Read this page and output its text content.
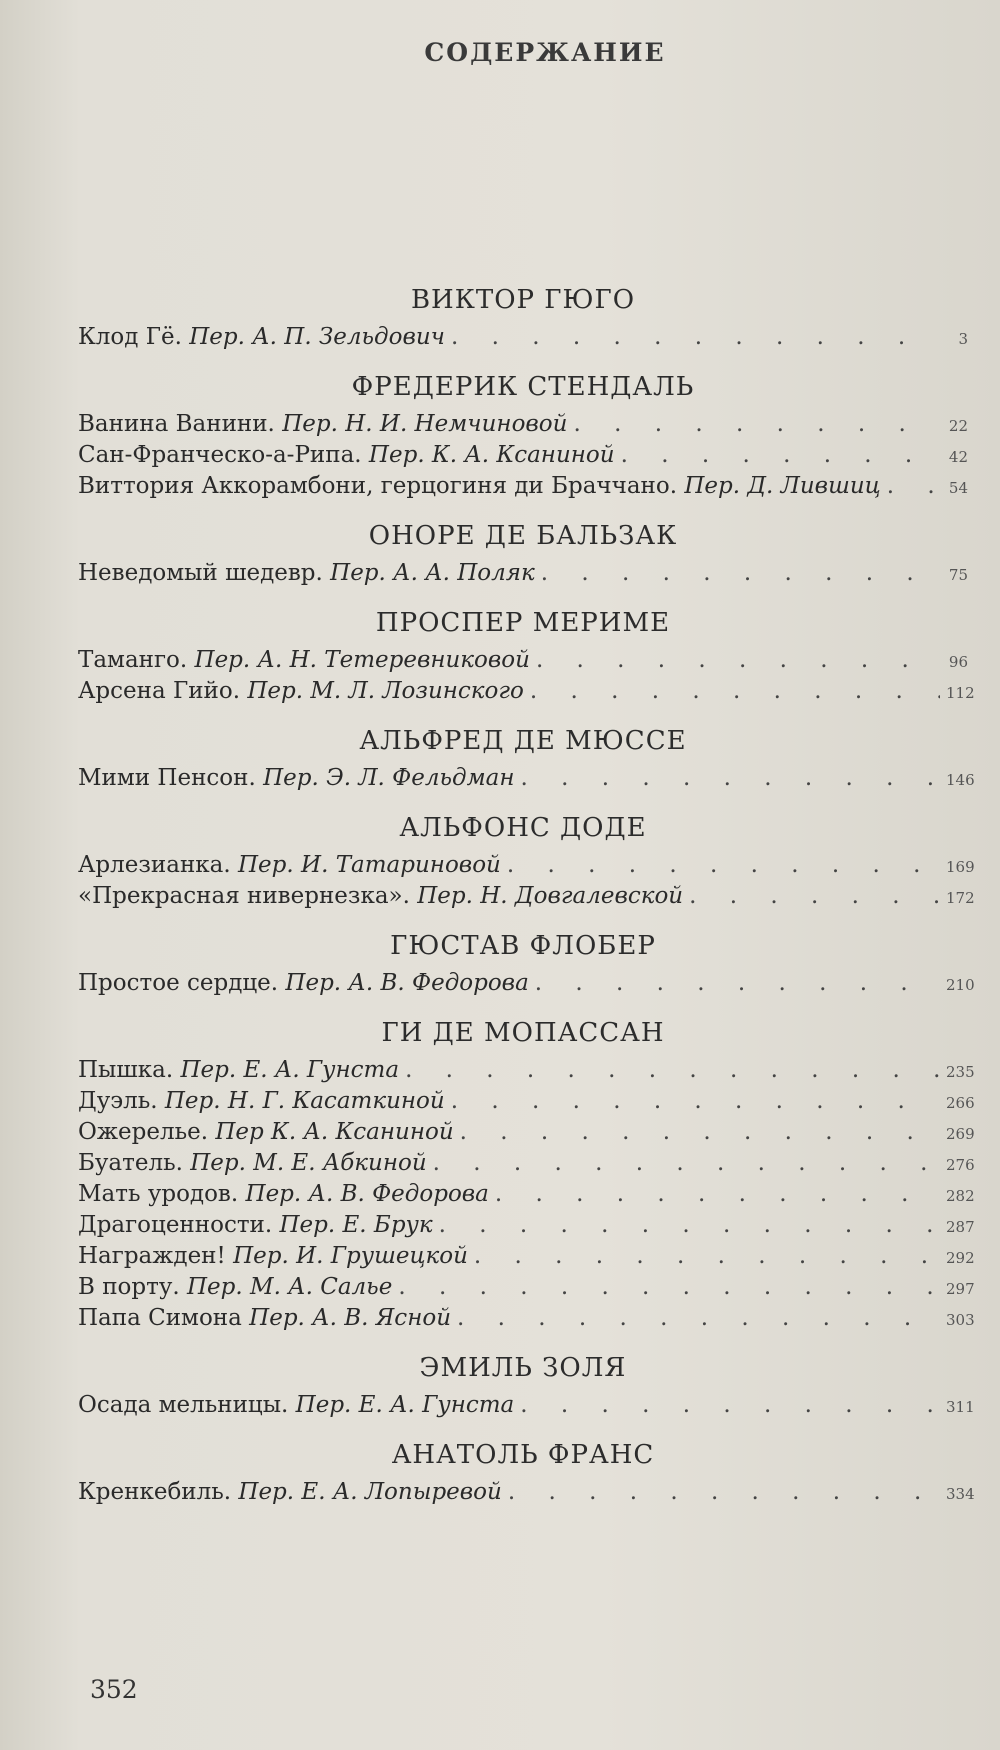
СОДЕРЖАНИЕ
ВИКТОР ГЮГО
Клод Гё. Пер. А. П. Зельдович . . .	3
ФРЕДЕРИК СТЕНДАЛЬ
Ванина Ванини. Пер. Н. И. Немчиновой . . .	22
Сан-Франческо-а-Рипа. Пер. К. А. Ксаниной . . .	42
Виттория Аккорамбони, герцогиня ди Браччано. Пер. Д. Лившиц . . .	54
ОНОРЕ ДЕ БАЛЬЗАК
Неведомый шедевр. Пер. А. А. Поляк . . .	75
ПРОСПЕР МЕРИМЕ
Таманго. Пер. А. Н. Тетеревниковой . . .	96
Арсена Гийо. Пер. М. Л. Лозинского . . .	112
АЛЬФРЕД ДЕ МЮССЕ
Мими Пенсон. Пер. Э. Л. Фельдман . . .	146
АЛЬФОНС ДОДЕ
Арлезианка. Пер. И. Татариновой . . .	169
«Прекрасная нивернезка». Пер. Н. Довгалевской . . .	172
ГЮСТАВ ФЛОБЕР
Простое сердце. Пер. А. В. Федорова . . .	210
ГИ ДЕ МОПАССАН
Пышка. Пер. Е. А. Гунста . . .	235
Дуэль. Пер. Н. Г. Касаткиной . . .	266
Ожерелье. Пер К. А. Ксаниной . . .	269
Буатель. Пер. М. Е. Абкиной . . .	276
Мать уродов. Пер. А. В. Федорова . . .	282
Драгоценности. Пер. Е. Брук . . .	287
Награжден! Пер. И. Грушецкой . . .	292
В порту. Пер. М. А. Салье . . .	297
Папа Симона Пер. А. В. Ясной . . .	303
ЭМИЛЬ ЗОЛЯ
Осада мельницы. Пер. Е. А. Гунста . . .	311
АНАТОЛЬ ФРАНС
Кренкебиль. Пер. Е. А. Лопыревой . . .	334
352
